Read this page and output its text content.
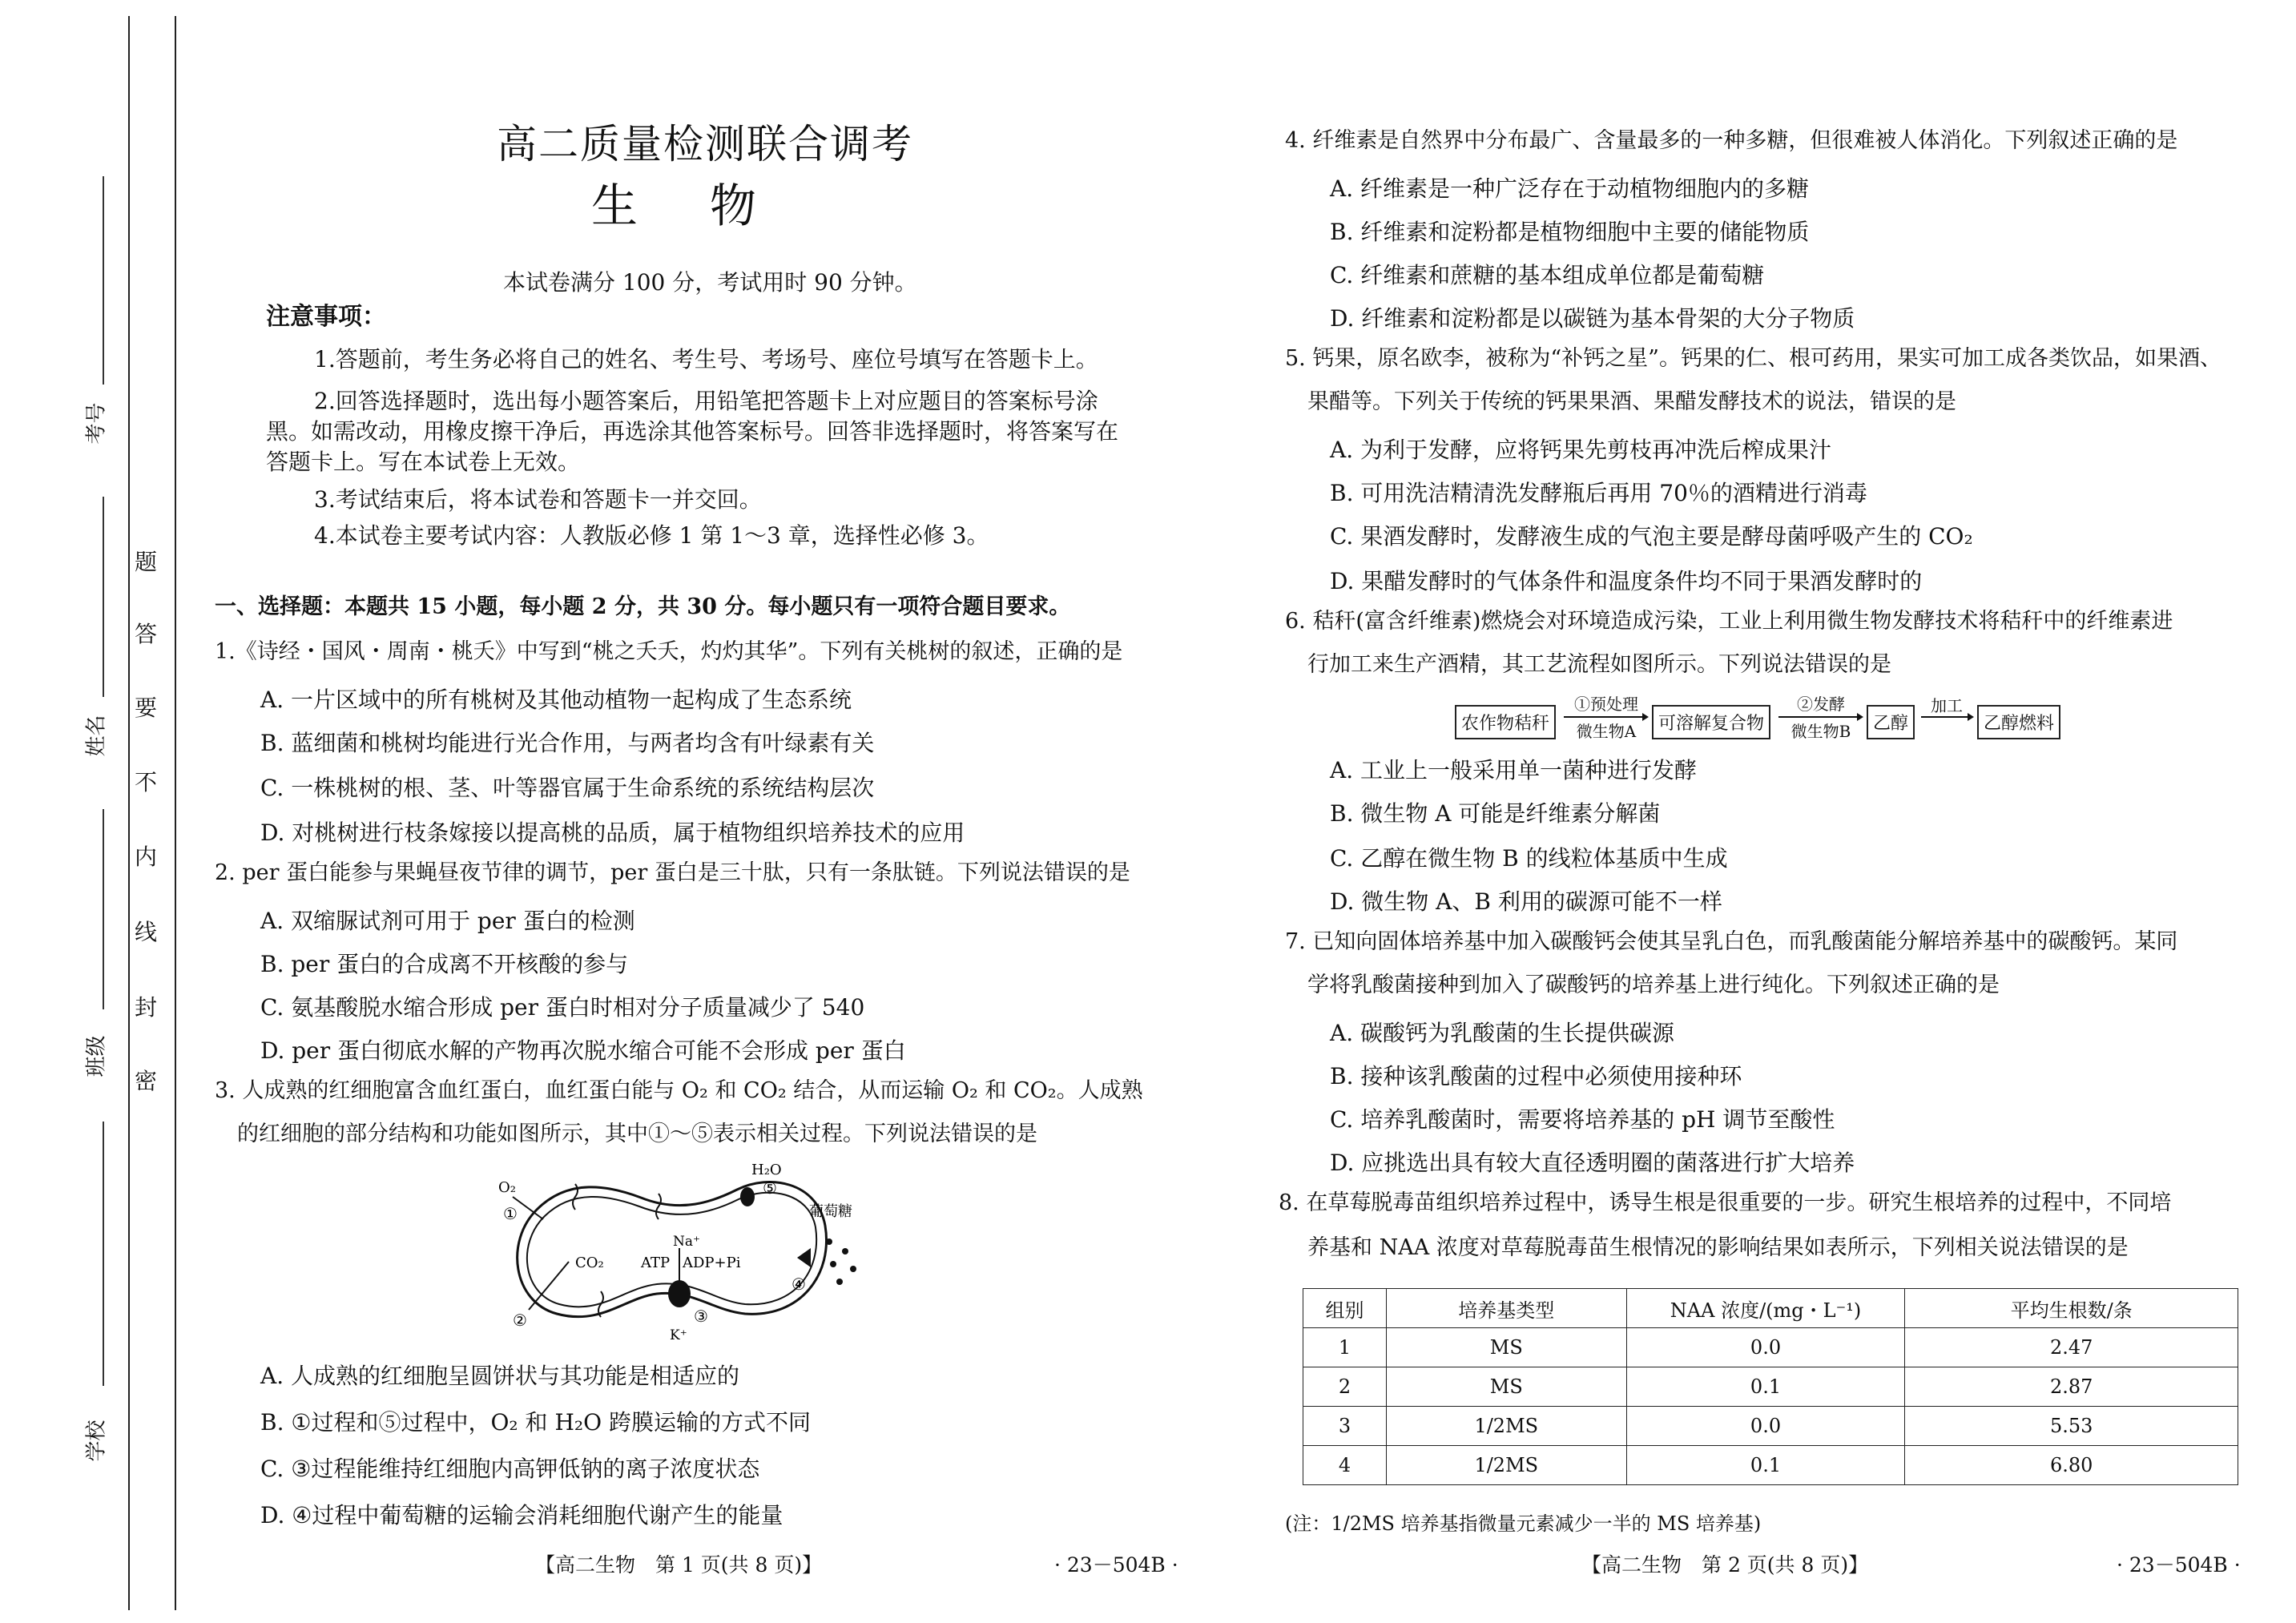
考号
姓名
班级
学校
题
答
要
不
内
线
封
密
高二质量检测联合调考
生物
本试卷满分 100 分，考试用时 90 分钟。
注意事项：
1.答题前，考生务必将自己的姓名、考生号、考场号、座位号填写在答题卡上。
2.回答选择题时，选出每小题答案后，用铅笔把答题卡上对应题目的答案标号涂
黑。如需改动，用橡皮擦干净后，再选涂其他答案标号。回答非选择题时，将答案写在
答题卡上。写在本试卷上无效。
3.考试结束后，将本试卷和答题卡一并交回。
4.本试卷主要考试内容：人教版必修 1 第 1～3 章，选择性必修 3。
一、选择题：本题共 15 小题，每小题 2 分，共 30 分。每小题只有一项符合题目要求。
1.《诗经・国风・周南・桃夭》中写到“桃之夭夭，灼灼其华”。下列有关桃树的叙述，正确的是
A. 一片区域中的所有桃树及其他动植物一起构成了生态系统
B. 蓝细菌和桃树均能进行光合作用，与两者均含有叶绿素有关
C. 一株桃树的根、茎、叶等器官属于生命系统的系统结构层次
D. 对桃树进行枝条嫁接以提高桃的品质，属于植物组织培养技术的应用
2. per 蛋白能参与果蝇昼夜节律的调节，per 蛋白是三十肽，只有一条肽链。下列说法错误的是
A. 双缩脲试剂可用于 per 蛋白的检测
B. per 蛋白的合成离不开核酸的参与
C. 氨基酸脱水缩合形成 per 蛋白时相对分子质量减少了 540
D. per 蛋白彻底水解的产物再次脱水缩合可能不会形成 per 蛋白
3. 人成熟的红细胞富含血红蛋白，血红蛋白能与 O₂ 和 CO₂ 结合，从而运输 O₂ 和 CO₂。人成熟
的红细胞的部分结构和功能如图所示，其中①～⑤表示相关过程。下列说法错误的是
O₂
①
CO₂
②
H₂O
⑤
Na⁺
ATP ADP+Pi
K⁺
③
葡萄糖
④
A. 人成熟的红细胞呈圆饼状与其功能是相适应的
B. ①过程和⑤过程中，O₂ 和 H₂O 跨膜运输的方式不同
C. ③过程能维持红细胞内高钾低钠的离子浓度状态
D. ④过程中葡萄糖的运输会消耗细胞代谢产生的能量
【高二生物　第 1 页(共 8 页)】	· 23－504B ·
4. 纤维素是自然界中分布最广、含量最多的一种多糖，但很难被人体消化。下列叙述正确的是
A. 纤维素是一种广泛存在于动植物细胞内的多糖
B. 纤维素和淀粉都是植物细胞中主要的储能物质
C. 纤维素和蔗糖的基本组成单位都是葡萄糖
D. 纤维素和淀粉都是以碳链为基本骨架的大分子物质
5. 钙果，原名欧李，被称为“补钙之星”。钙果的仁、根可药用，果实可加工成各类饮品，如果酒、
果醋等。下列关于传统的钙果果酒、果醋发酵技术的说法，错误的是
A. 为利于发酵，应将钙果先剪枝再冲洗后榨成果汁
B. 可用洗洁精清洗发酵瓶后再用 70％的酒精进行消毒
C. 果酒发酵时，发酵液生成的气泡主要是酵母菌呼吸产生的 CO₂
D. 果醋发酵时的气体条件和温度条件均不同于果酒发酵时的
6. 秸秆(富含纤维素)燃烧会对环境造成污染，工业上利用微生物发酵技术将秸秆中的纤维素进
行加工来生产酒精，其工艺流程如图所示。下列说法错误的是
农作物秸秆
①预处理
微生物A	可溶解复合物
②发酵
微生物B	乙醇
加工
乙醇燃料
A. 工业上一般采用单一菌种进行发酵
B. 微生物 A 可能是纤维素分解菌
C. 乙醇在微生物 B 的线粒体基质中生成
D. 微生物 A、B 利用的碳源可能不一样
7. 已知向固体培养基中加入碳酸钙会使其呈乳白色，而乳酸菌能分解培养基中的碳酸钙。某同
学将乳酸菌接种到加入了碳酸钙的培养基上进行纯化。下列叙述正确的是
A. 碳酸钙为乳酸菌的生长提供碳源
B. 接种该乳酸菌的过程中必须使用接种环
C. 培养乳酸菌时，需要将培养基的 pH 调节至酸性
D. 应挑选出具有较大直径透明圈的菌落进行扩大培养
8. 在草莓脱毒苗组织培养过程中，诱导生根是很重要的一步。研究生根培养的过程中，不同培
养基和 NAA 浓度对草莓脱毒苗生根情况的影响结果如表所示，下列相关说法错误的是
组别	培养基类型	NAA 浓度/(mg・L⁻¹)	平均生根数/条
1	MS	0.0	2.47
2	MS	0.1	2.87
3	1/2MS	0.0	5.53
4	1/2MS	0.1	6.80
(注：1/2MS 培养基指微量元素减少一半的 MS 培养基)
【高二生物　第 2 页(共 8 页)】	· 23－504B ·
